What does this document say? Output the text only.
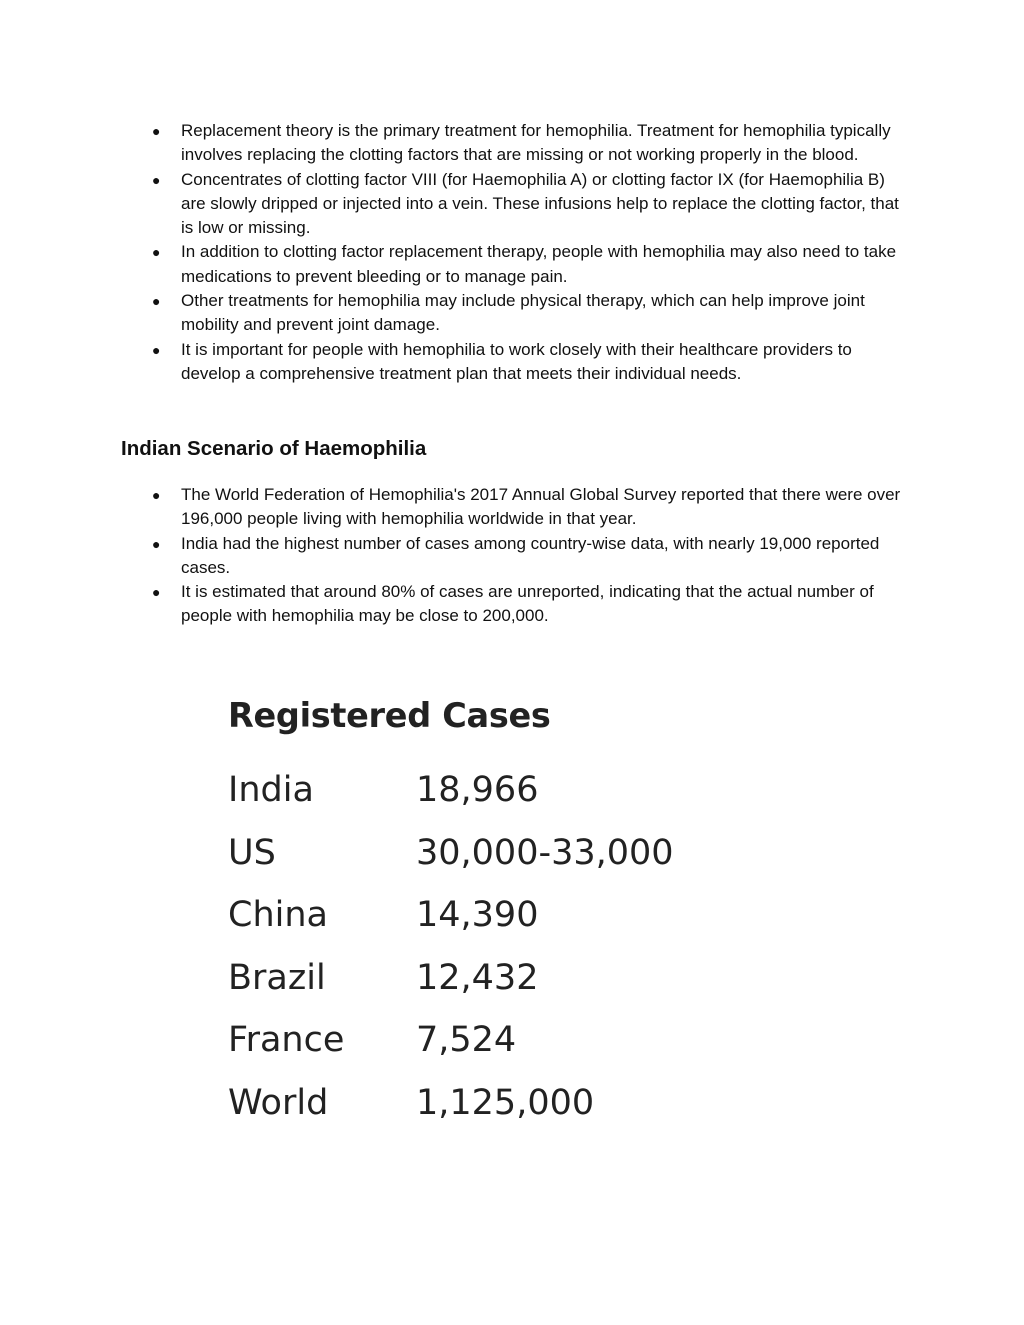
● Replacement theory is the primary treatment for hemophilia. Treatment for hemophilia typically involves replacing the clotting factors that are missing or not working properly in the blood.
● Concentrates of clotting factor VIII (for Haemophilia A) or clotting factor IX (for Haemophilia B) are slowly dripped or injected into a vein. These infusions help to replace the clotting factor, that is low or missing.
● In addition to clotting factor replacement therapy, people with hemophilia may also need to take medications to prevent bleeding or to manage pain.
● Other treatments for hemophilia may include physical therapy, which can help improve joint mobility and prevent joint damage.
● It is important for people with hemophilia to work closely with their healthcare providers to develop a comprehensive treatment plan that meets their individual needs.
Indian Scenario of Haemophilia
● The World Federation of Hemophilia's 2017 Annual Global Survey reported that there were over 196,000 people living with hemophilia worldwide in that year.
● India had the highest number of cases among country-wise data, with nearly 19,000 reported cases.
● It is estimated that around 80% of cases are unreported, indicating that the actual number of people with hemophilia may be close to 200,000.
Registered Cases
India	18,966
US	30,000-33,000
China	14,390
Brazil	12,432
France	7,524
World	1,125,000
